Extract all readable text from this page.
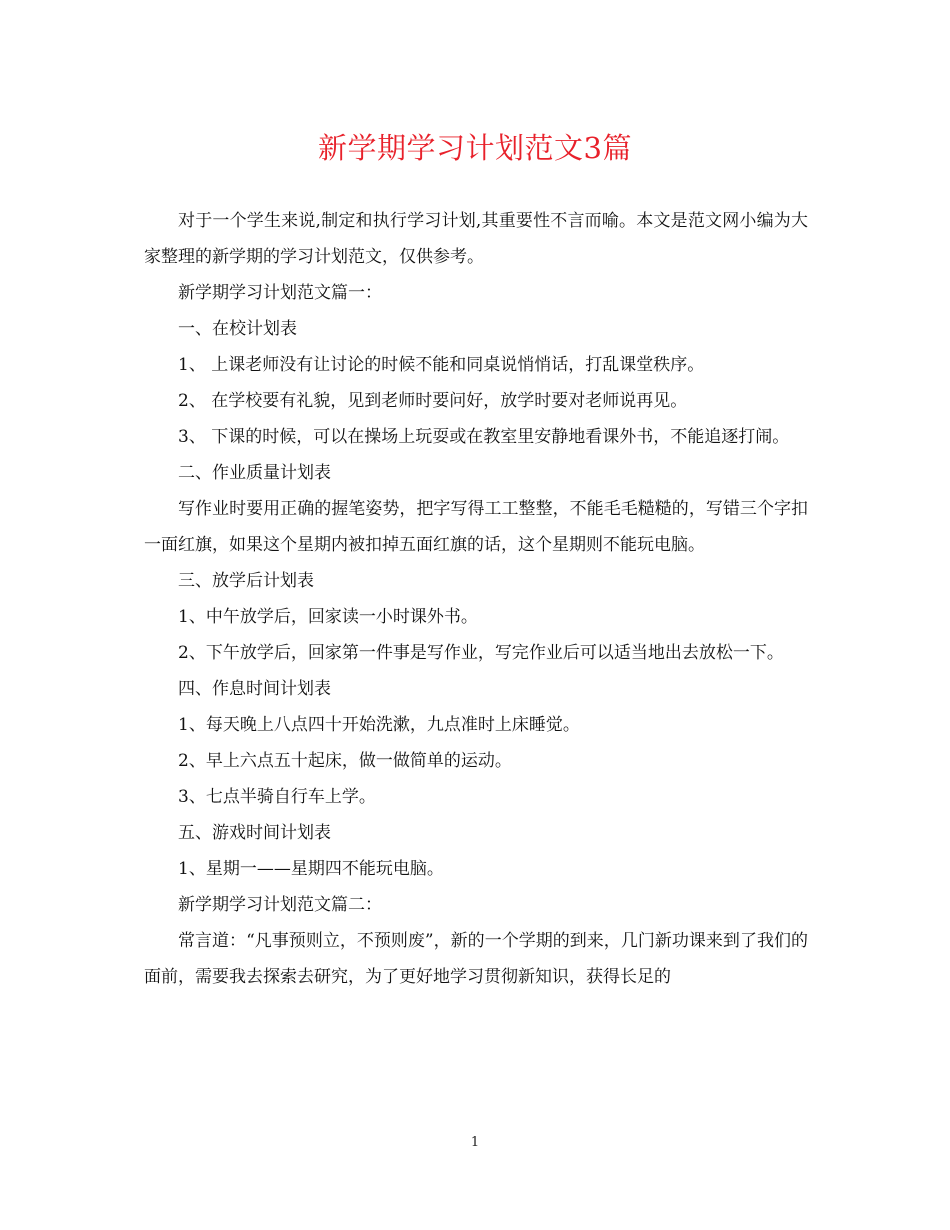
新学期学习计划范文3篇

对于一个学生来说,制定和执行学习计划,其重要性不言而喻。本文是范文网小编为大家整理的新学期的学习计划范文，仅供参考。

新学期学习计划范文篇一：

一、在校计划表

1、 上课老师没有让讨论的时候不能和同桌说悄悄话，打乱课堂秩序。

2、 在学校要有礼貌，见到老师时要问好，放学时要对老师说再见。

3、 下课的时候，可以在操场上玩耍或在教室里安静地看课外书，不能追逐打闹。

二、作业质量计划表

写作业时要用正确的握笔姿势，把字写得工工整整，不能毛毛糙糙的，写错三个字扣一面红旗，如果这个星期内被扣掉五面红旗的话，这个星期则不能玩电脑。

三、放学后计划表

1、中午放学后，回家读一小时课外书。

2、下午放学后，回家第一件事是写作业，写完作业后可以适当地出去放松一下。

四、作息时间计划表

1、每天晚上八点四十开始洗漱，九点准时上床睡觉。

2、早上六点五十起床，做一做简单的运动。

3、七点半骑自行车上学。

五、游戏时间计划表

1、星期一——星期四不能玩电脑。

新学期学习计划范文篇二：

常言道：“凡事预则立，不预则废”，新的一个学期的到来，几门新功课来到了我们的面前，需要我去探索去研究，为了更好地学习贯彻新知识，获得长足的

1
